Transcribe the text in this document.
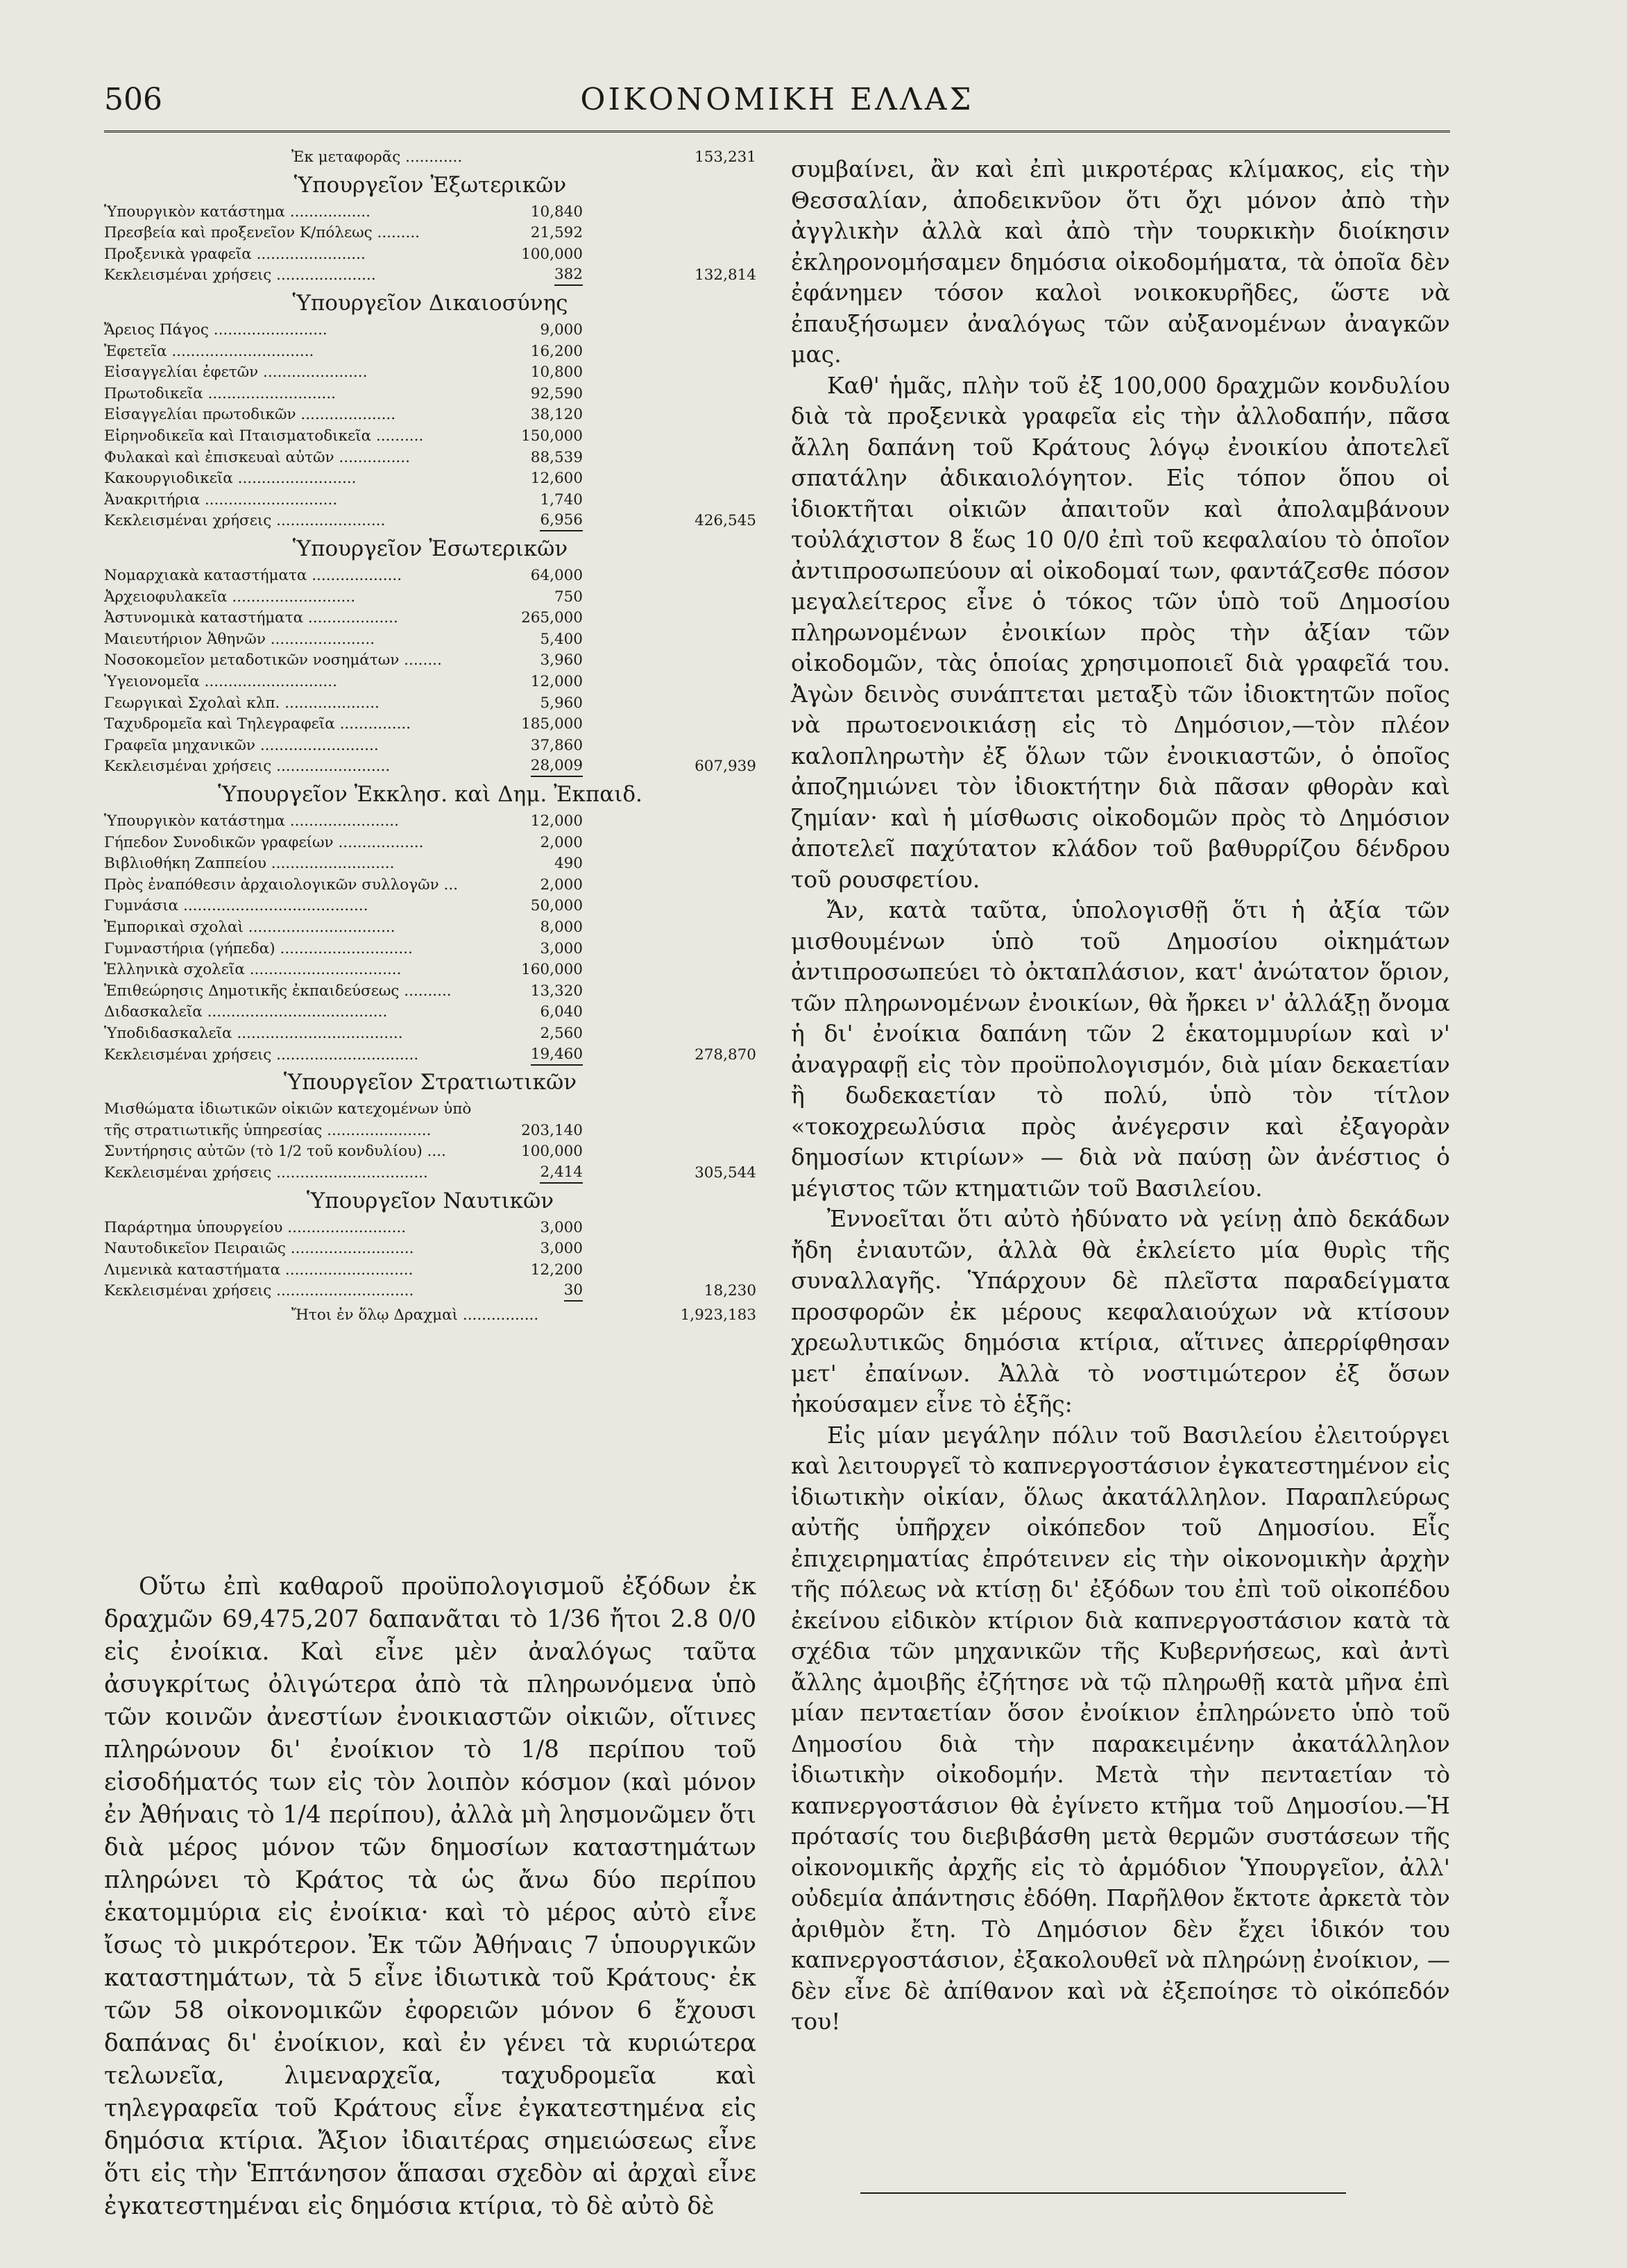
506	ΟΙΚΟΝΟΜΙΚΗ ΕΛΛΑΣ
Ἐκ μεταφορᾶς ............	153,231
Ὑπουργεῖον Ἐξωτερικῶν
Ὑπουργικὸν κατάστημα .................	10,840
Πρεσβεία καὶ προξενεῖον Κ/πόλεως .........	21,592
Προξενικὰ γραφεῖα .......................	100,000
Κεκλεισμέναι χρήσεις .....................	382	132,814
Ὑπουργεῖον Δικαιοσύνης
Ἄρειος Πάγος ........................	9,000
Ἐφετεῖα ..............................	16,200
Εἰσαγγελίαι ἐφετῶν ......................	10,800
Πρωτοδικεῖα ...........................	92,590
Εἰσαγγελίαι πρωτοδικῶν ....................	38,120
Εἰρηνοδικεῖα καὶ Πταισματοδικεῖα ..........	150,000
Φυλακαὶ καὶ ἐπισκευαὶ αὐτῶν ...............	88,539
Κακουργιοδικεῖα .........................	12,600
Ἀνακριτήρια ............................	1,740
Κεκλεισμέναι χρήσεις .......................	6,956	426,545
Ὑπουργεῖον Ἐσωτερικῶν
Νομαρχιακὰ καταστήματα ...................	64,000
Ἀρχειοφυλακεῖα ..........................	750
Ἀστυνομικὰ καταστήματα ...................	265,000
Μαιευτήριον Ἀθηνῶν ......................	5,400
Νοσοκομεῖον μεταδοτικῶν νοσημάτων ........	3,960
Ὑγειονομεῖα ............................	12,000
Γεωργικαὶ Σχολαὶ κλπ. ....................	5,960
Ταχυδρομεῖα καὶ Τηλεγραφεῖα ...............	185,000
Γραφεῖα μηχανικῶν .........................	37,860
Κεκλεισμέναι χρήσεις ........................	28,009	607,939
Ὑπουργεῖον Ἐκκλησ. καὶ Δημ. Ἐκπαιδ.
Ὑπουργικὸν κατάστημα .......................	12,000
Γήπεδον Συνοδικῶν γραφείων ..................	2,000
Βιβλιοθήκη Ζαππείου ..........................	490
Πρὸς ἐναπόθεσιν ἀρχαιολογικῶν συλλογῶν ...	2,000
Γυμνάσια .......................................	50,000
Ἐμπορικαὶ σχολαὶ ...............................	8,000
Γυμναστήρια (γήπεδα) ............................	3,000
Ἑλληνικὰ σχολεῖα ................................	160,000
Ἐπιθεώρησις Δημοτικῆς ἐκπαιδεύσεως ..........	13,320
Διδασκαλεῖα ......................................	6,040
Ὑποδιδασκαλεῖα ...................................	2,560
Κεκλεισμέναι χρήσεις ..............................	19,460	278,870
Ὑπουργεῖον Στρατιωτικῶν
Μισθώματα ἰδιωτικῶν οἰκιῶν κατεχομένων ὑπὸ
τῆς στρατιωτικῆς ὑπηρεσίας ......................	203,140
Συντήρησις αὐτῶν (τὸ 1/2 τοῦ κονδυλίου) ....	100,000
Κεκλεισμέναι χρήσεις ................................	2,414	305,544
Ὑπουργεῖον Ναυτικῶν
Παράρτημα ὑπουργείου .........................	3,000
Ναυτοδικεῖον Πειραιῶς ..........................	3,000
Λιμενικὰ καταστήματα ...........................	12,200
Κεκλεισμέναι χρήσεις .............................	30	18,230
Ἤτοι ἐν ὅλῳ Δραχμαὶ ................	1,923,183

Οὕτω ἐπὶ καθαροῦ προϋπολογισμοῦ ἐξόδων ἐκ δραχμῶν 69,475,207 δαπανᾶται τὸ 1/36 ἤτοι 2.8 0/0 εἰς ἐνοίκια. Καὶ εἶνε μὲν ἀναλόγως ταῦτα ἀσυγκρίτως ὀλιγώτερα ἀπὸ τὰ πληρωνόμενα ὑπὸ τῶν κοινῶν ἀνεστίων ἐνοικιαστῶν οἰκιῶν, οἵτινες πληρώνουν δι' ἐνοίκιον τὸ 1/8 περίπου τοῦ εἰσοδήματός των εἰς τὸν λοιπὸν κόσμον (καὶ μόνον ἐν Ἀθήναις τὸ 1/4 περίπου), ἀλλὰ μὴ λησμονῶμεν ὅτι διὰ μέρος μόνον τῶν δημοσίων καταστημάτων πληρώνει τὸ Κράτος τὰ ὡς ἄνω δύο περίπου ἑκατομμύρια εἰς ἐνοίκια· καὶ τὸ μέρος αὐτὸ εἶνε ἴσως τὸ μικρότερον. Ἐκ τῶν Ἀθήναις 7 ὑπουργικῶν καταστημάτων, τὰ 5 εἶνε ἰδιωτικὰ τοῦ Κράτους· ἐκ τῶν 58 οἰκονομικῶν ἐφορειῶν μόνον 6 ἔχουσι δαπάνας δι' ἐνοίκιον, καὶ ἐν γένει τὰ κυριώτερα τελωνεῖα, λιμεναρχεῖα, ταχυδρομεῖα καὶ τηλεγραφεῖα τοῦ Κράτους εἶνε ἐγκατεστημένα εἰς δημόσια κτίρια. Ἄξιον ἰδιαιτέρας σημειώσεως εἶνε ὅτι εἰς τὴν Ἑπτάνησον ἅπασαι σχεδὸν αἱ ἀρχαὶ εἶνε ἐγκατεστημέναι εἰς δημόσια κτίρια, τὸ δὲ αὐτὸ δὲ

συμβαίνει, ἂν καὶ ἐπὶ μικροτέρας κλίμακος, εἰς τὴν Θεσσαλίαν, ἀποδεικνῦον ὅτι ὄχι μόνον ἀπὸ τὴν ἀγγλικὴν ἀλλὰ καὶ ἀπὸ τὴν τουρκικὴν διοίκησιν ἐκληρονομήσαμεν δημόσια οἰκοδομήματα, τὰ ὁποῖα δὲν ἐφάνημεν τόσον καλοὶ νοικοκυρῆδες, ὥστε νὰ ἐπαυξήσωμεν ἀναλόγως τῶν αὐξανομένων ἀναγκῶν μας.

Καθ' ἡμᾶς, πλὴν τοῦ ἐξ 100,000 δραχμῶν κονδυλίου διὰ τὰ προξενικὰ γραφεῖα εἰς τὴν ἀλλοδαπήν, πᾶσα ἄλλη δαπάνη τοῦ Κράτους λόγῳ ἐνοικίου ἀποτελεῖ σπατάλην ἀδικαιολόγητον. Εἰς τόπον ὅπου οἱ ἰδιοκτῆται οἰκιῶν ἀπαιτοῦν καὶ ἀπολαμβάνουν τοὐλάχιστον 8 ἕως 10 0/0 ἐπὶ τοῦ κεφαλαίου τὸ ὁποῖον ἀντιπροσωπεύουν αἱ οἰκοδομαί των, φαντάζεσθε πόσον μεγαλείτερος εἶνε ὁ τόκος τῶν ὑπὸ τοῦ Δημοσίου πληρωνομένων ἐνοικίων πρὸς τὴν ἀξίαν τῶν οἰκοδομῶν, τὰς ὁποίας χρησιμοποιεῖ διὰ γραφεῖά του. Ἀγὼν δεινὸς συνάπτεται μεταξὺ τῶν ἰδιοκτητῶν ποῖος νὰ πρωτοενοικιάσῃ εἰς τὸ Δημόσιον,—τὸν πλέον καλοπληρωτὴν ἐξ ὅλων τῶν ἐνοικιαστῶν, ὁ ὁποῖος ἀποζημιώνει τὸν ἰδιοκτήτην διὰ πᾶσαν φθορὰν καὶ ζημίαν· καὶ ἡ μίσθωσις οἰκοδομῶν πρὸς τὸ Δημόσιον ἀποτελεῖ παχύτατον κλάδον τοῦ βαθυρρίζου δένδρου τοῦ ρουσφετίου.

Ἄν, κατὰ ταῦτα, ὑπολογισθῇ ὅτι ἡ ἀξία τῶν μισθουμένων ὑπὸ τοῦ Δημοσίου οἰκημάτων ἀντιπροσωπεύει τὸ ὀκταπλάσιον, κατ' ἀνώτατον ὅριον, τῶν πληρωνομένων ἐνοικίων, θὰ ἤρκει ν' ἀλλάξῃ ὄνομα ἡ δι' ἐνοίκια δαπάνη τῶν 2 ἑκατομμυρίων καὶ ν' ἀναγραφῇ εἰς τὸν προϋπολογισμόν, διὰ μίαν δεκαετίαν ἢ δωδεκαετίαν τὸ πολύ, ὑπὸ τὸν τίτλον «τοκοχρεωλύσια πρὸς ἀνέγερσιν καὶ ἐξαγορὰν δημοσίων κτιρίων» — διὰ νὰ παύσῃ ὢν ἀνέστιος ὁ μέγιστος τῶν κτηματιῶν τοῦ Βασιλείου.

Ἐννοεῖται ὅτι αὐτὸ ἠδύνατο νὰ γείνῃ ἀπὸ δεκάδων ἤδη ἐνιαυτῶν, ἀλλὰ θὰ ἐκλείετο μία θυρὶς τῆς συναλλαγῆς. Ὑπάρχουν δὲ πλεῖστα παραδείγματα προσφορῶν ἐκ μέρους κεφαλαιούχων νὰ κτίσουν χρεωλυτικῶς δημόσια κτίρια, αἵτινες ἀπερρίφθησαν μετ' ἐπαίνων. Ἀλλὰ τὸ νοστιμώτερον ἐξ ὅσων ἠκούσαμεν εἶνε τὸ ἑξῆς:

Εἰς μίαν μεγάλην πόλιν τοῦ Βασιλείου ἐλειτούργει καὶ λειτουργεῖ τὸ καπνεργοστάσιον ἐγκατεστημένον εἰς ἰδιωτικὴν οἰκίαν, ὅλως ἀκατάλληλον. Παραπλεύρως αὐτῆς ὑπῆρχεν οἰκόπεδον τοῦ Δημοσίου. Εἷς ἐπιχειρηματίας ἐπρότεινεν εἰς τὴν οἰκονομικὴν ἀρχὴν τῆς πόλεως νὰ κτίσῃ δι' ἐξόδων του ἐπὶ τοῦ οἰκοπέδου ἐκείνου εἰδικὸν κτίριον διὰ καπνεργοστάσιον κατὰ τὰ σχέδια τῶν μηχανικῶν τῆς Κυβερνήσεως, καὶ ἀντὶ ἄλλης ἀμοιβῆς ἐζήτησε νὰ τῷ πληρωθῇ κατὰ μῆνα ἐπὶ μίαν πενταετίαν ὅσον ἐνοίκιον ἐπληρώνετο ὑπὸ τοῦ Δημοσίου διὰ τὴν παρακειμένην ἀκατάλληλον ἰδιωτικὴν οἰκοδομήν. Μετὰ τὴν πενταετίαν τὸ καπνεργοστάσιον θὰ ἐγίνετο κτῆμα τοῦ Δημοσίου.—Ἡ πρότασίς του διεβιβάσθη μετὰ θερμῶν συστάσεων τῆς οἰκονομικῆς ἀρχῆς εἰς τὸ ἁρμόδιον Ὑπουργεῖον, ἀλλ' οὐδεμία ἀπάντησις ἐδόθη. Παρῆλθον ἔκτοτε ἀρκετὰ τὸν ἀριθμὸν ἔτη. Τὸ Δημόσιον δὲν ἔχει ἰδικόν του καπνεργοστάσιον, ἐξακολουθεῖ νὰ πληρώνῃ ἐνοίκιον, — δὲν εἶνε δὲ ἀπίθανον καὶ νὰ ἐξεποίησε τὸ οἰκόπεδόν του!
